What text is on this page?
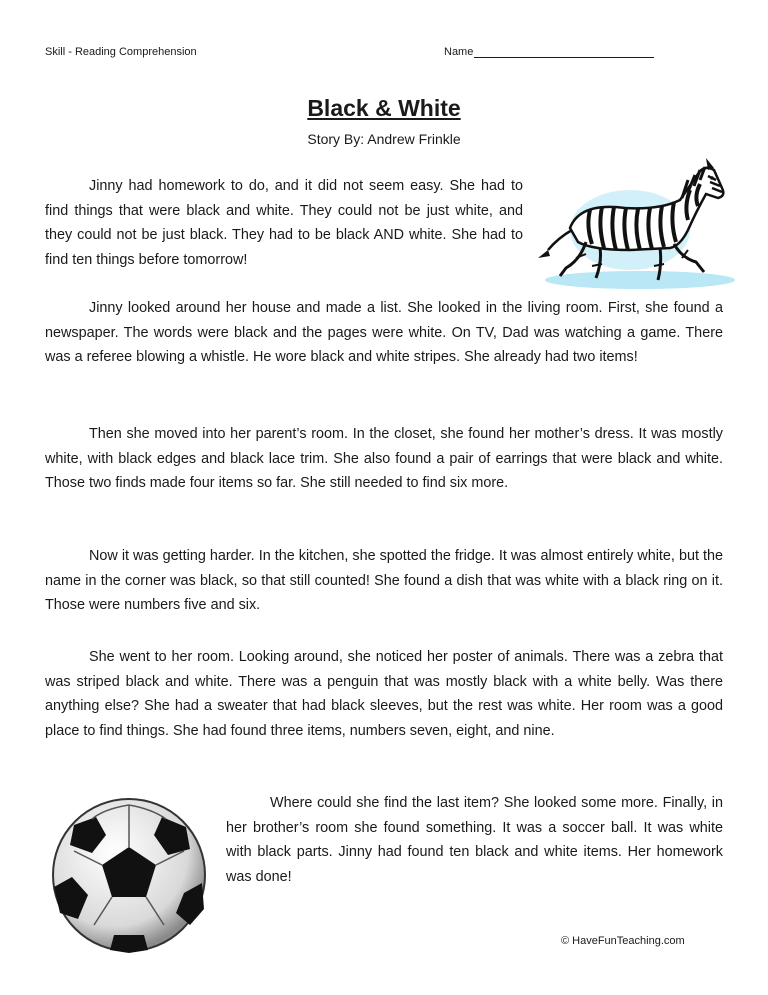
Skill - Reading Comprehension	Name
Black & White
Story By: Andrew Frinkle

Jinny had homework to do, and it did not seem easy. She had to find things that were black and white. They could not be just white, and they could not be just black. They had to be black AND white. She had to find ten things before tomorrow!

Jinny looked around her house and made a list. She looked in the living room. First, she found a newspaper. The words were black and the pages were white. On TV, Dad was watching a game. There was a referee blowing a whistle. He wore black and white stripes. She already had two items!

Then she moved into her parent’s room. In the closet, she found her mother’s dress. It was mostly white, with black edges and black lace trim. She also found a pair of earrings that were black and white. Those two finds made four items so far. She still needed to find six more.

Now it was getting harder. In the kitchen, she spotted the fridge. It was almost entirely white, but the name in the corner was black, so that still counted! She found a dish that was white with a black ring on it. Those were numbers five and six.

She went to her room. Looking around, she noticed her poster of animals. There was a zebra that was striped black and white. There was a penguin that was mostly black with a white belly. Was there anything else? She had a sweater that had black sleeves, but the rest was white. Her room was a good place to find things. She had found three items, numbers seven, eight, and nine.

Where could she find the last item? She looked some more. Finally, in her brother’s room she found something. It was a soccer ball. It was white with black parts. Jinny had found ten black and white items. Her homework was done!

© HaveFunTeaching.com
